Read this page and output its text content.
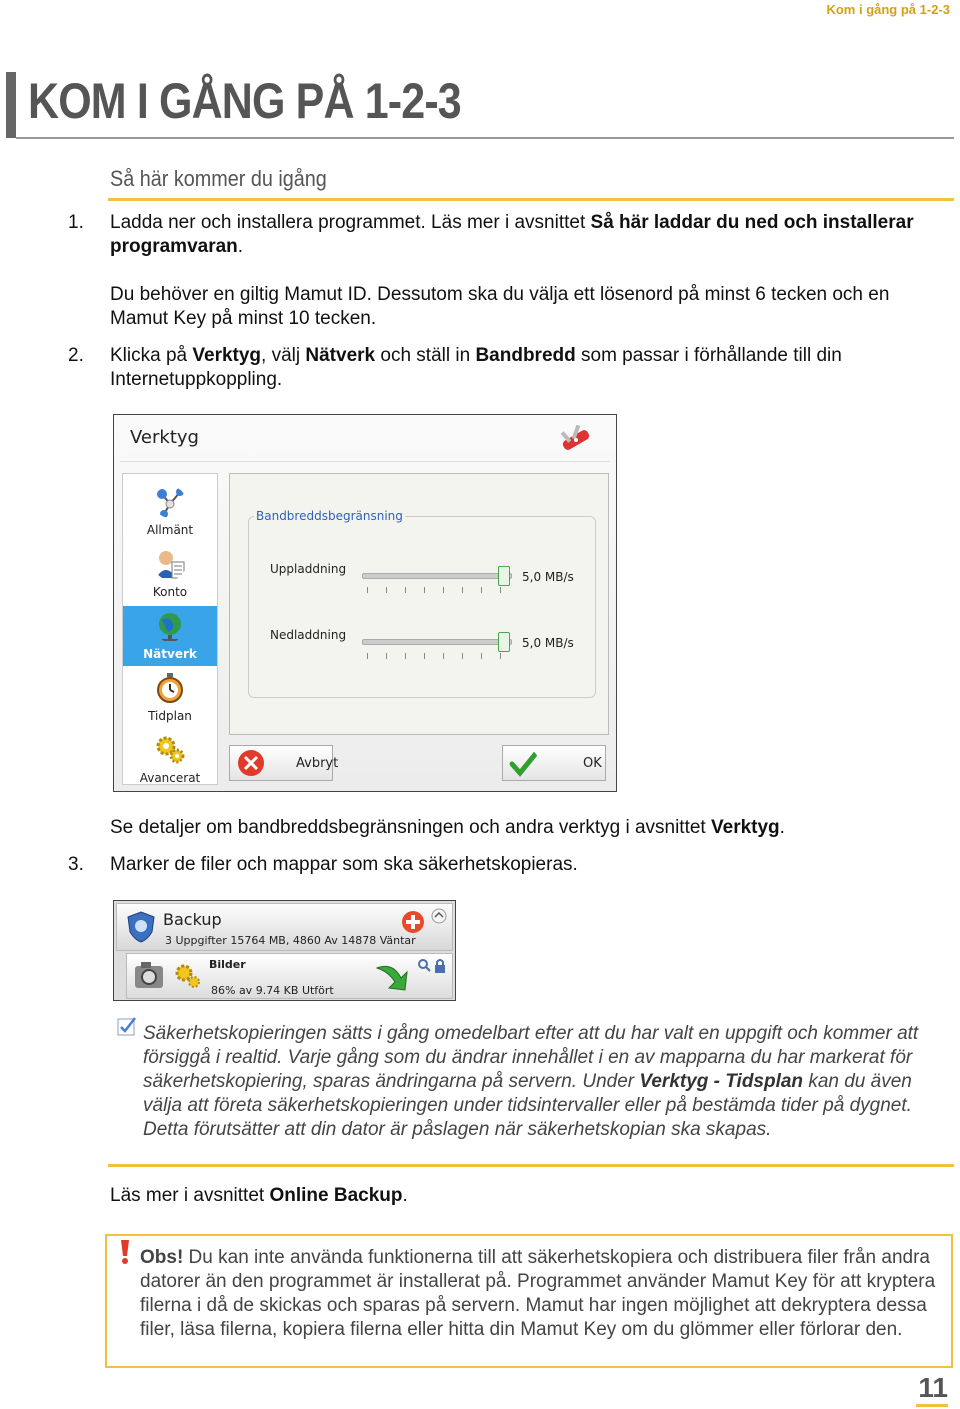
Kom i gång på 1-2-3
KOM I GÅNG PÅ 1-2-3
Så här kommer du igång
1. Ladda ner och installera programmet. Läs mer i avsnittet Så här laddar du ned och installerar programvaran.
Du behöver en giltig Mamut ID. Dessutom ska du välja ett lösenord på minst 6 tecken och en Mamut Key på minst 10 tecken.
2. Klicka på Verktyg, välj Nätverk och ställ in Bandbredd som passar i förhållande till din Internetuppkoppling.
Verktyg
Allmänt
Konto
Nätverk
Tidplan
Avancerat
Bandbreddsbegränsning
Uppladdning
5,0 MB/s
Nedladdning
5,0 MB/s
Avbryt	OK
Se detaljer om bandbreddsbegränsningen och andra verktyg i avsnittet Verktyg.
3. Marker de filer och mappar som ska säkerhetskopieras.
Backup
3 Uppgifter 15764 MB, 4860 Av 14878 Väntar
Bilder
86% av 9.74 KB Utfört
Säkerhetskopieringen sätts i gång omedelbart efter att du har valt en uppgift och kommer att försiggå i realtid. Varje gång som du ändrar innehållet i en av mapparna du har markerat för säkerhetskopiering, sparas ändringarna på servern. Under Verktyg - Tidsplan kan du även välja att företa säkerhetskopieringen under tidsintervaller eller på bestämda tider på dygnet. Detta förutsätter att din dator är påslagen när säkerhetskopian ska skapas.
Läs mer i avsnittet Online Backup.
Obs! Du kan inte använda funktionerna till att säkerhetskopiera och distribuera filer från andra datorer än den programmet är installerat på. Programmet använder Mamut Key för att kryptera filerna i då de skickas och sparas på servern. Mamut har ingen möjlighet att dekryptera dessa filer, läsa filerna, kopiera filerna eller hitta din Mamut Key om du glömmer eller förlorar den.
11
